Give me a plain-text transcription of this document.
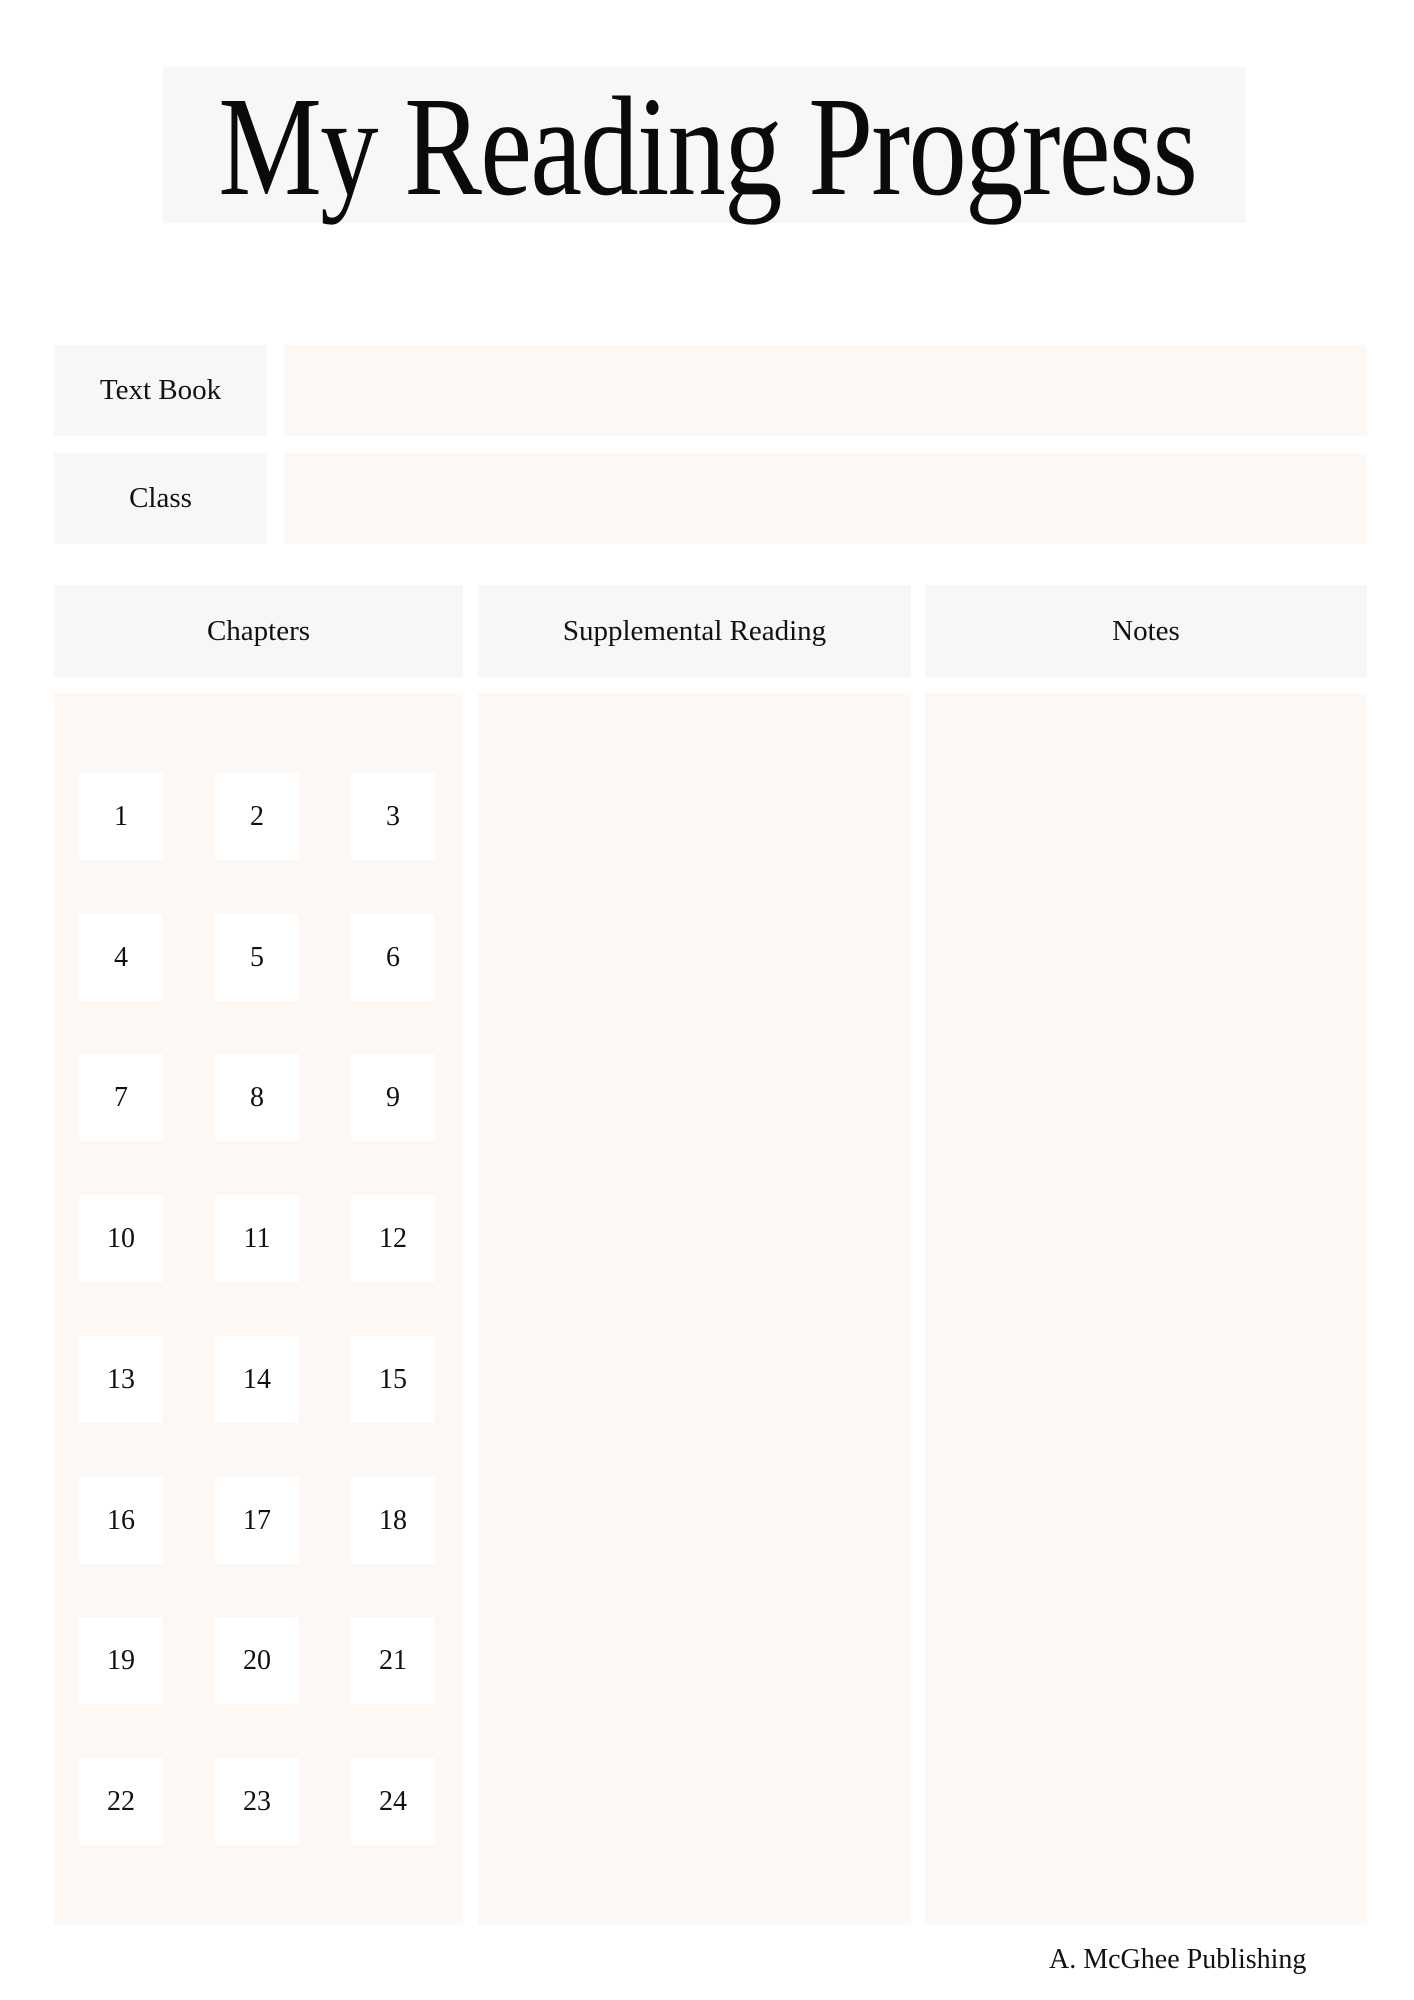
My Reading Progress
Text Book
Class
Chapters	Supplemental Reading	Notes
1	2	3
4	5	6
7	8	9
10	11	12
13	14	15
16	17	18
19	20	21
22	23	24
A. McGhee Publishing
